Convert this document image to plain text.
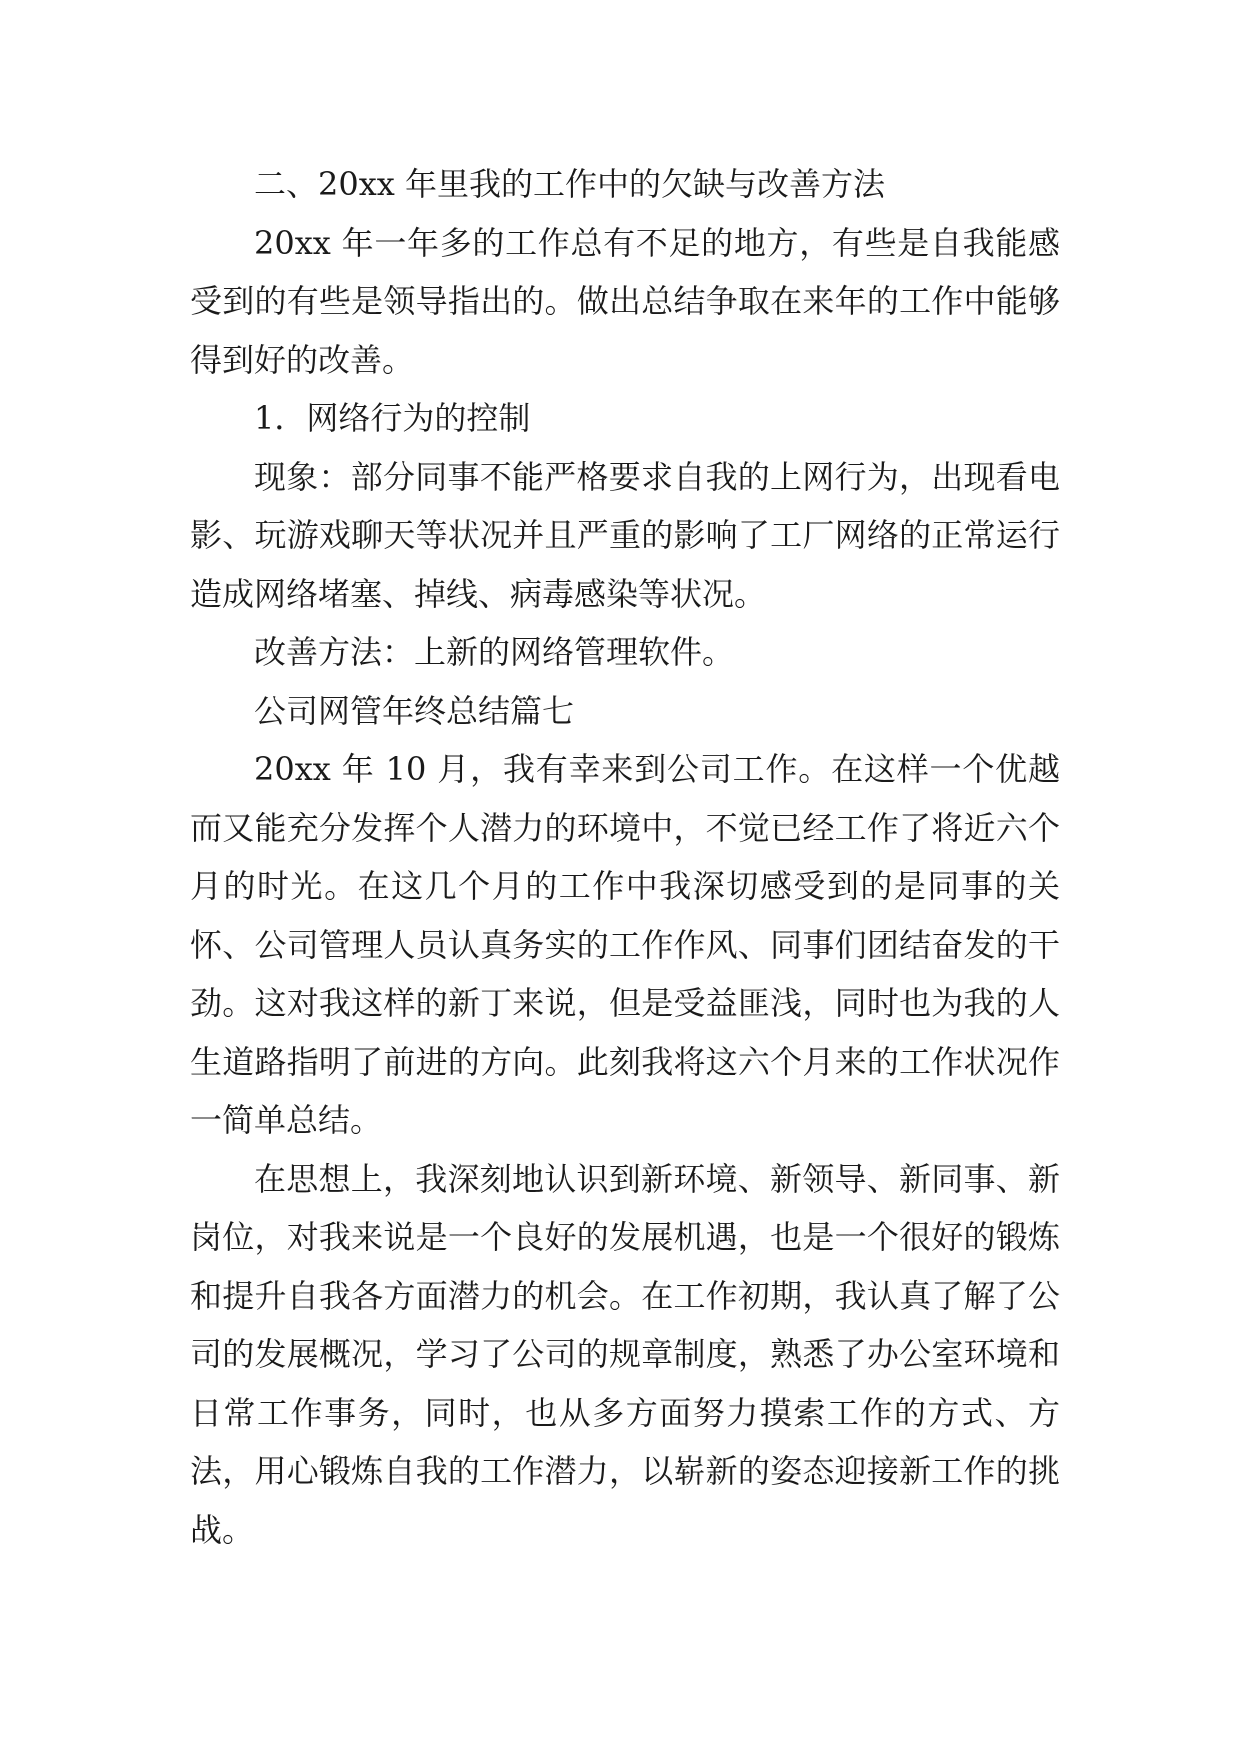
二、20xx 年里我的工作中的欠缺与改善方法

20xx 年一年多的工作总有不足的地方，有些是自我能感受到的有些是领导指出的。做出总结争取在来年的工作中能够得到好的改善。

1．网络行为的控制

现象：部分同事不能严格要求自我的上网行为，出现看电影、玩游戏聊天等状况并且严重的影响了工厂网络的正常运行造成网络堵塞、掉线、病毒感染等状况。

改善方法：上新的网络管理软件。

公司网管年终总结篇七

20xx 年 10 月，我有幸来到公司工作。在这样一个优越而又能充分发挥个人潜力的环境中，不觉已经工作了将近六个月的时光。在这几个月的工作中我深切感受到的是同事的关怀、公司管理人员认真务实的工作作风、同事们团结奋发的干劲。这对我这样的新丁来说，但是受益匪浅，同时也为我的人生道路指明了前进的方向。此刻我将这六个月来的工作状况作一简单总结。

在思想上，我深刻地认识到新环境、新领导、新同事、新岗位，对我来说是一个良好的发展机遇，也是一个很好的锻炼和提升自我各方面潜力的机会。在工作初期，我认真了解了公司的发展概况，学习了公司的规章制度，熟悉了办公室环境和日常工作事务，同时，也从多方面努力摸索工作的方式、方法，用心锻炼自我的工作潜力，以崭新的姿态迎接新工作的挑战。
